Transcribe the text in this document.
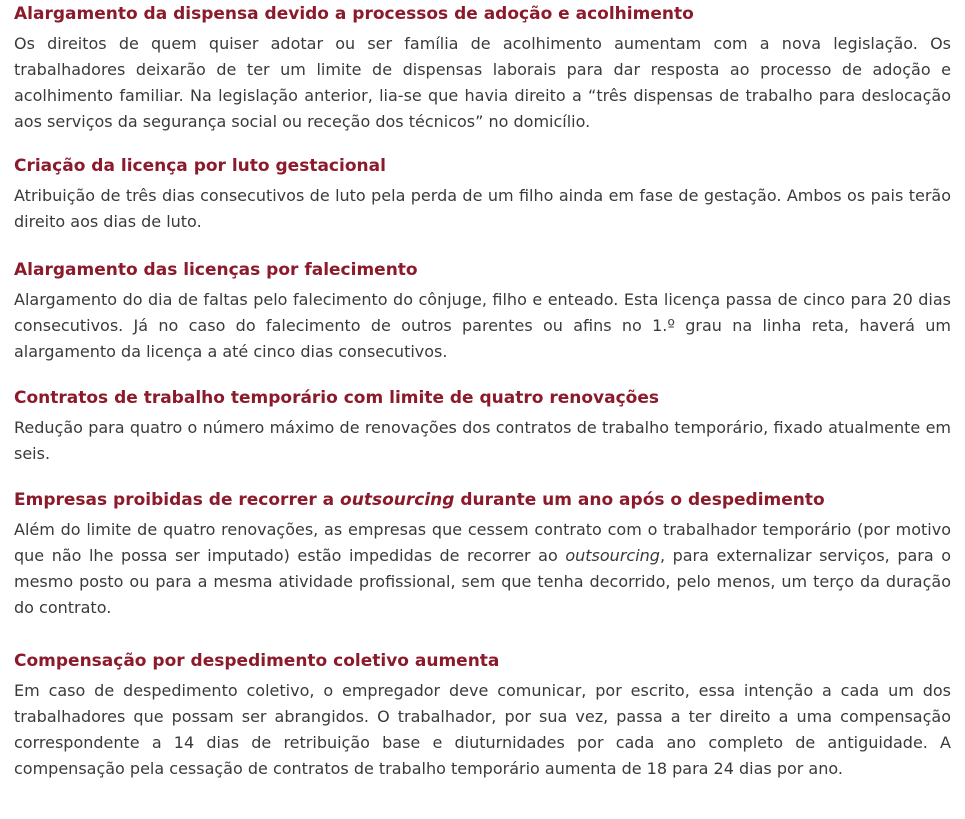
Alargamento da dispensa devido a processos de adoção e acolhimento

Os direitos de quem quiser adotar ou ser família de acolhimento aumentam com a nova legislação. Os trabalhadores deixarão de ter um limite de dispensas laborais para dar resposta ao processo de adoção e acolhimento familiar. Na legislação anterior, lia-se que havia direito a “três dispensas de trabalho para deslocação aos serviços da segurança social ou receção dos técnicos” no domicílio.

Criação da licença por luto gestacional

Atribuição de três dias consecutivos de luto pela perda de um filho ainda em fase de gestação. Ambos os pais terão direito aos dias de luto.

Alargamento das licenças por falecimento

Alargamento do dia de faltas pelo falecimento do cônjuge, filho e enteado. Esta licença passa de cinco para 20 dias consecutivos. Já no caso do falecimento de outros parentes ou afins no 1.º grau na linha reta, haverá um alargamento da licença a até cinco dias consecutivos.

Contratos de trabalho temporário com limite de quatro renovações

Redução para quatro o número máximo de renovações dos contratos de trabalho temporário, fixado atualmente em seis.

Empresas proibidas de recorrer a outsourcing durante um ano após o despedimento

Além do limite de quatro renovações, as empresas que cessem contrato com o trabalhador temporário (por motivo que não lhe possa ser imputado) estão impedidas de recorrer ao outsourcing, para externalizar serviços, para o mesmo posto ou para a mesma atividade profissional, sem que tenha decorrido, pelo menos, um terço da duração do contrato.

Compensação por despedimento coletivo aumenta

Em caso de despedimento coletivo, o empregador deve comunicar, por escrito, essa intenção a cada um dos trabalhadores que possam ser abrangidos. O trabalhador, por sua vez, passa a ter direito a uma compensação correspondente a 14 dias de retribuição base e diuturnidades por cada ano completo de antiguidade. A compensação pela cessação de contratos de trabalho temporário aumenta de 18 para 24 dias por ano.
